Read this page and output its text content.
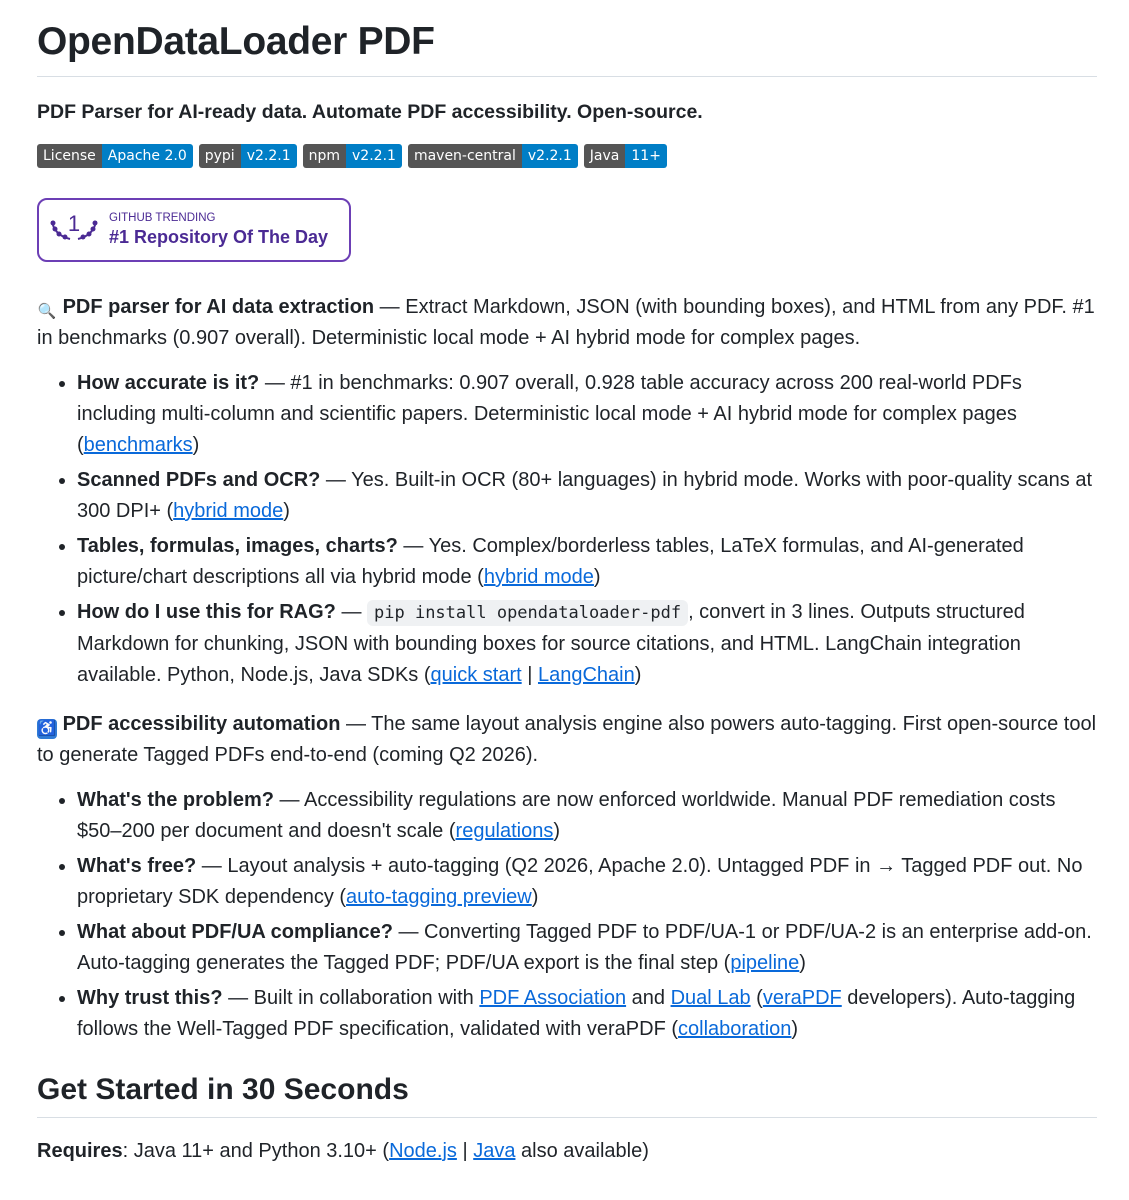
OpenDataLoader PDF
PDF Parser for AI-ready data. Automate PDF accessibility. Open-source.
License Apache 2.0	pypi v2.2.1	npm v2.2.1	maven-central v2.2.1	Java 11+
1	GITHUB TRENDING
#1 Repository Of The Day

🔍 PDF parser for AI data extraction — Extract Markdown, JSON (with bounding boxes), and HTML from any PDF. #1 in benchmarks (0.907 overall). Deterministic local mode + AI hybrid mode for complex pages.

• How accurate is it? — #1 in benchmarks: 0.907 overall, 0.928 table accuracy across 200 real-world PDFs including multi-column and scientific papers. Deterministic local mode + AI hybrid mode for complex pages (benchmarks)
• Scanned PDFs and OCR? — Yes. Built-in OCR (80+ languages) in hybrid mode. Works with poor-quality scans at 300 DPI+ (hybrid mode)
• Tables, formulas, images, charts? — Yes. Complex/borderless tables, LaTeX formulas, and AI-generated picture/chart descriptions all via hybrid mode (hybrid mode)
• How do I use this for RAG? — pip install opendataloader-pdf , convert in 3 lines. Outputs structured Markdown for chunking, JSON with bounding boxes for source citations, and HTML. LangChain integration available. Python, Node.js, Java SDKs (quick start | LangChain)

♿ PDF accessibility automation — The same layout analysis engine also powers auto-tagging. First open-source tool to generate Tagged PDFs end-to-end (coming Q2 2026).

• What's the problem? — Accessibility regulations are now enforced worldwide. Manual PDF remediation costs $50–200 per document and doesn't scale (regulations)
• What's free? — Layout analysis + auto-tagging (Q2 2026, Apache 2.0). Untagged PDF in → Tagged PDF out. No proprietary SDK dependency (auto-tagging preview)
• What about PDF/UA compliance? — Converting Tagged PDF to PDF/UA-1 or PDF/UA-2 is an enterprise add-on. Auto-tagging generates the Tagged PDF; PDF/UA export is the final step (pipeline)
• Why trust this? — Built in collaboration with PDF Association and Dual Lab (veraPDF developers). Auto-tagging follows the Well-Tagged PDF specification, validated with veraPDF (collaboration)
Get Started in 30 Seconds
Requires: Java 11+ and Python 3.10+ (Node.js | Java also available)
